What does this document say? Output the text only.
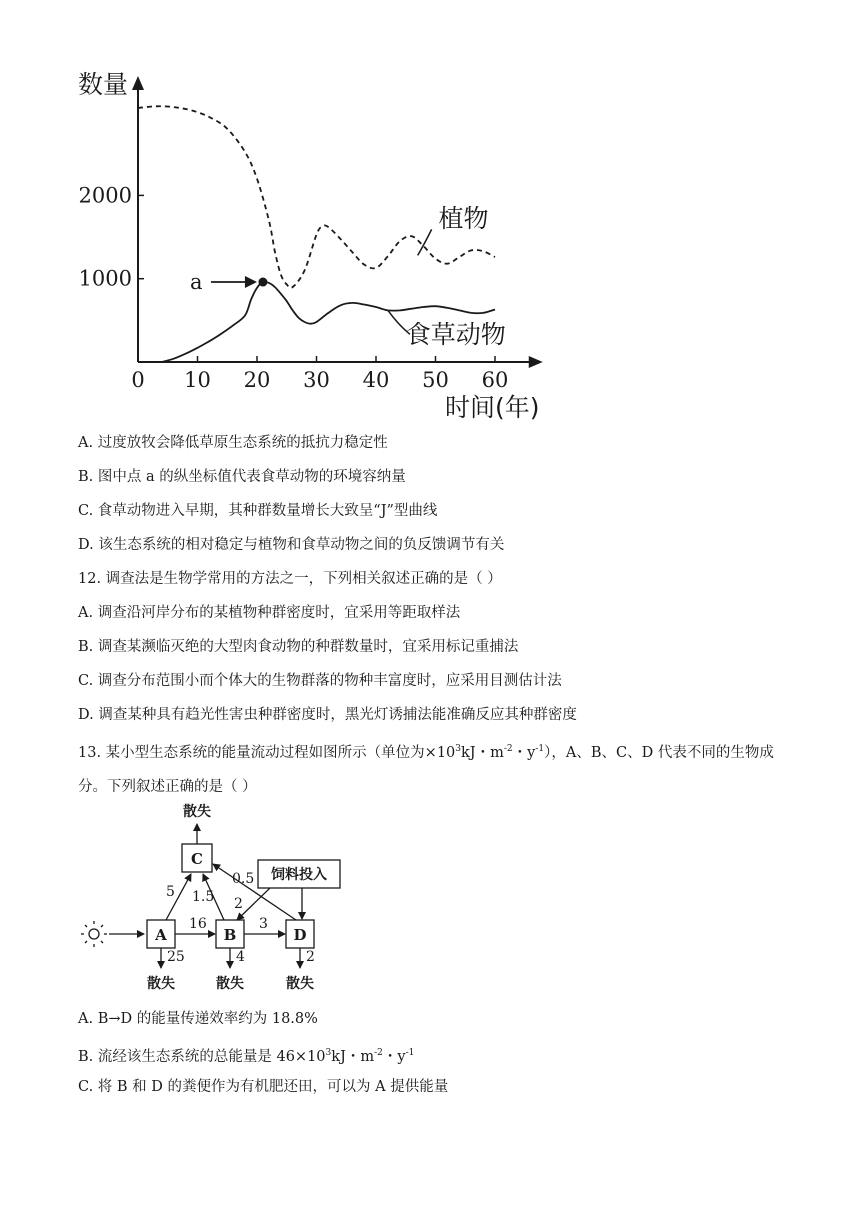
数量
时间(年)
0 10 20 30 40 50 60
1000
2000
植物
食草动物
a
A. 过度放牧会降低草原生态系统的抵抗力稳定性
B. 图中点 a 的纵坐标值代表食草动物的环境容纳量
C. 食草动物进入早期，其种群数量增长大致呈“J”型曲线
D. 该生态系统的相对稳定与植物和食草动物之间的负反馈调节有关
12. 调查法是生物学常用的方法之一，下列相关叙述正确的是（ ）
A. 调查沿河岸分布的某植物种群密度时，宜采用等距取样法
B. 调查某濒临灭绝的大型肉食动物的种群数量时，宜采用标记重捕法
C. 调查分布范围小而个体大的生物群落的物种丰富度时，应采用目测估计法
D. 调查某种具有趋光性害虫种群密度时，黑光灯诱捕法能准确反应其种群密度
13. 某小型生态系统的能量流动过程如图所示（单位为$\times 10^3kJ$・$m^{-2}$・$y^{-1}$），A、B、C、D 代表不同的生物成分。下列叙述正确的是（ ）
C
A	B	D
饲料投入
散失
5 1.5
0.5
2
16	3
25
散失
4
散失
2
散失
A. B→D 的能量传递效率约为 18.8%
B. 流经该生态系统的总能量是 $46\times 10^3kJ$・$m^{-2}$・$y^{-1}$
C. 将 B 和 D 的粪便作为有机肥还田，可以为 A 提供能量
